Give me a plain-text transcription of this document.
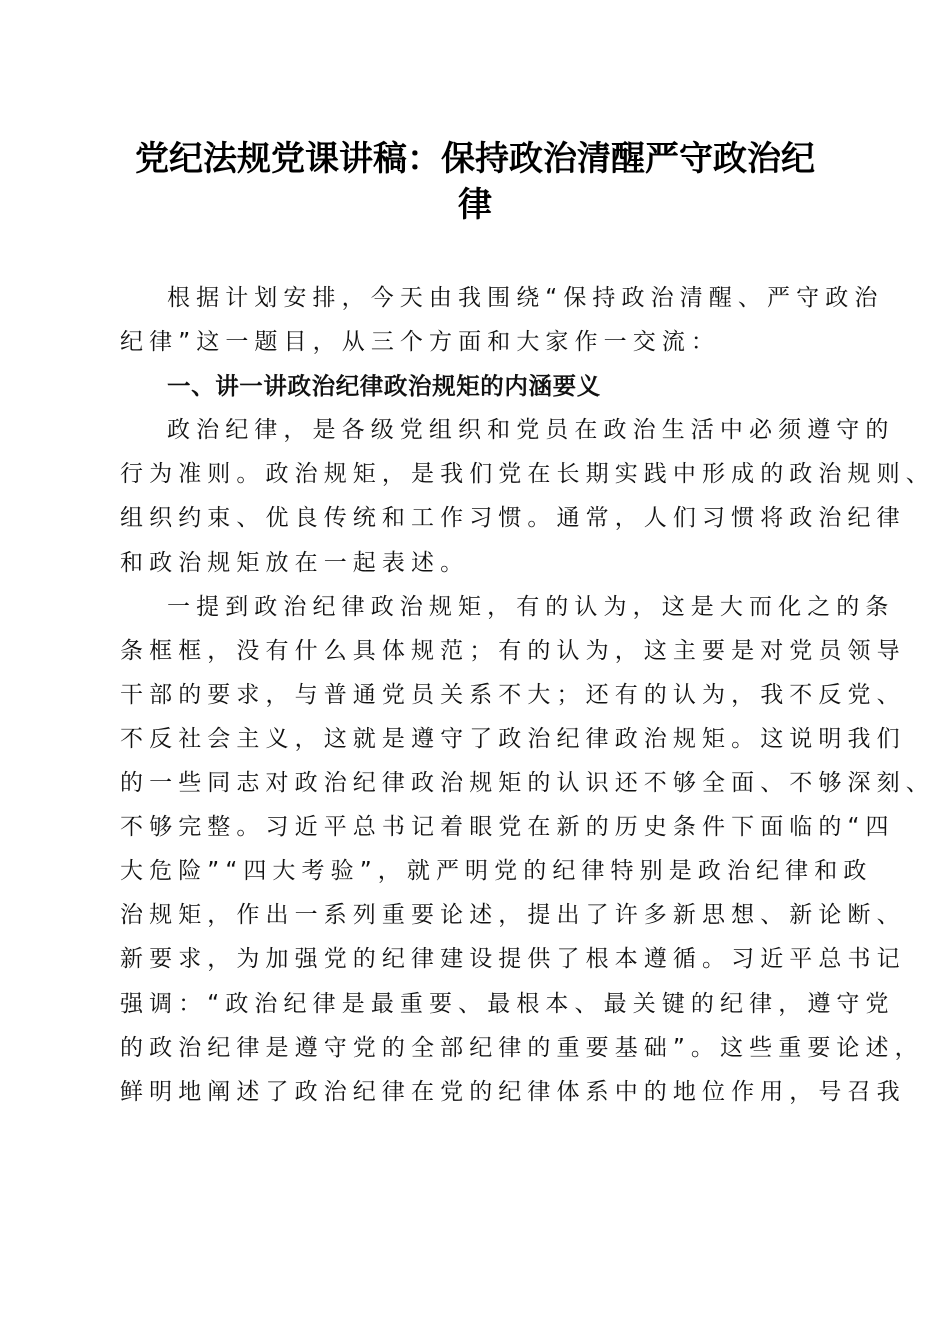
党纪法规党课讲稿：保持政治清醒严守政治纪
律
根据计划安排，今天由我围绕“保持政治清醒、严守政治
纪律”这一题目，从三个方面和大家作一交流：
一、讲一讲政治纪律政治规矩的内涵要义
政治纪律，是各级党组织和党员在政治生活中必须遵守的
行为准则。政治规矩，是我们党在长期实践中形成的政治规则、
组织约束、优良传统和工作习惯。通常，人们习惯将政治纪律
和政治规矩放在一起表述。
一提到政治纪律政治规矩，有的认为，这是大而化之的条
条框框，没有什么具体规范；有的认为，这主要是对党员领导
干部的要求，与普通党员关系不大；还有的认为，我不反党、
不反社会主义，这就是遵守了政治纪律政治规矩。这说明我们
的一些同志对政治纪律政治规矩的认识还不够全面、不够深刻、
不够完整。习近平总书记着眼党在新的历史条件下面临的“四
大危险”“四大考验”，就严明党的纪律特别是政治纪律和政
治规矩，作出一系列重要论述，提出了许多新思想、新论断、
新要求，为加强党的纪律建设提供了根本遵循。习近平总书记
强调：“政治纪律是最重要、最根本、最关键的纪律，遵守党
的政治纪律是遵守党的全部纪律的重要基础”。这些重要论述，
鲜明地阐述了政治纪律在党的纪律体系中的地位作用，号召我
